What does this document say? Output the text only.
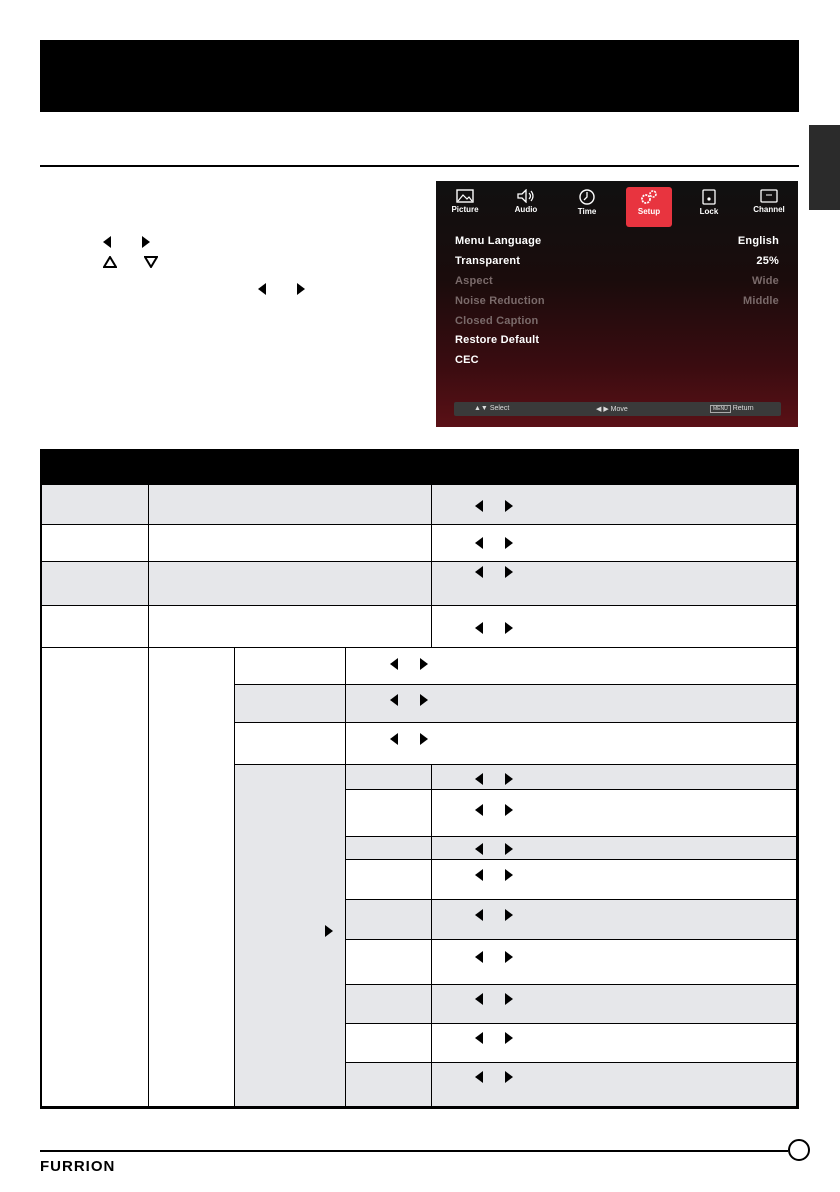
Picture	Audio	Time	Setup	Lock	Channel
Menu Language	English
Transparent	25%
Aspect	Wide
Noise Reduction	Middle
Closed Caption
Restore Default
CEC
▲▼ Select	◀ ▶ Move	MENU Return
FURRION
